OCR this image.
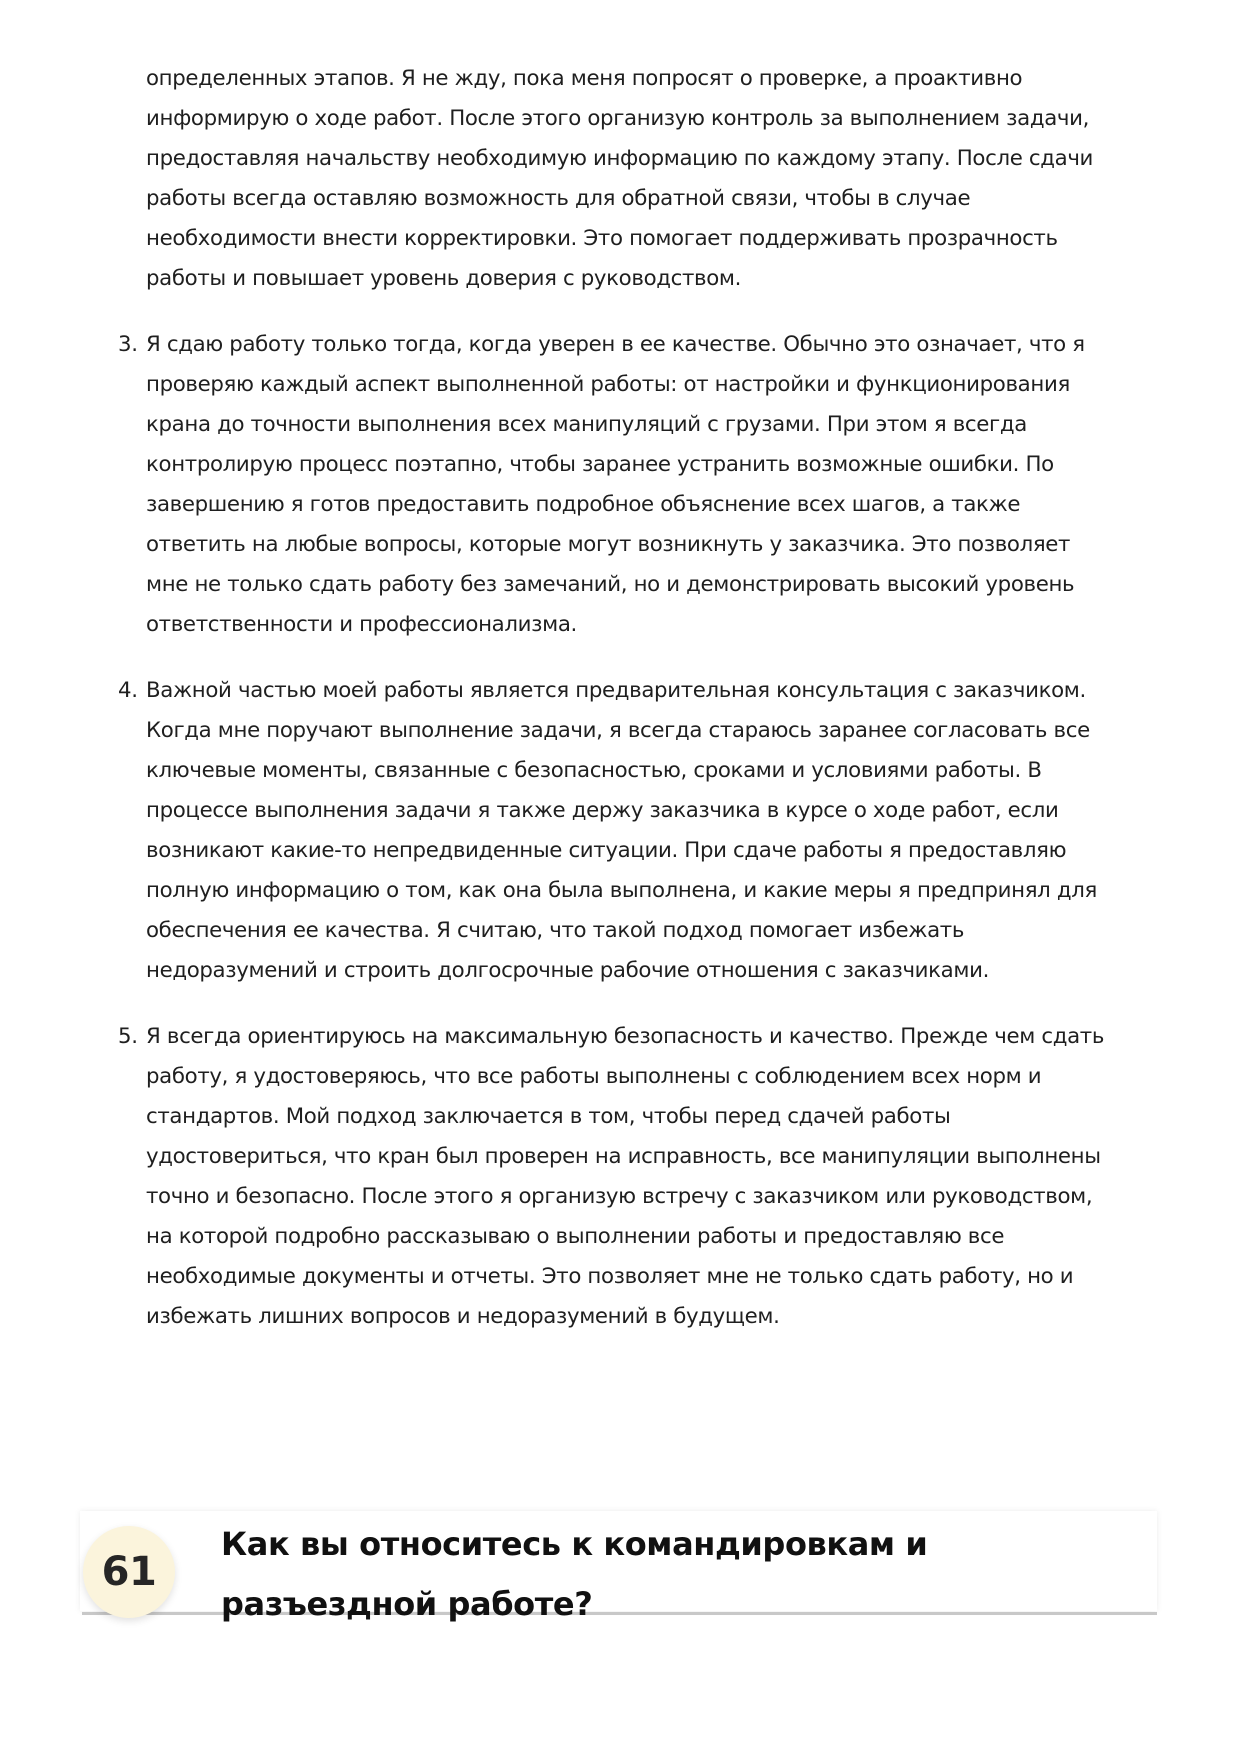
определенных этапов. Я не жду, пока меня попросят о проверке, а проактивно
информирую о ходе работ. После этого организую контроль за выполнением задачи,
предоставляя начальству необходимую информацию по каждому этапу. После сдачи
работы всегда оставляю возможность для обратной связи, чтобы в случае
необходимости внести корректировки. Это помогает поддерживать прозрачность
работы и повышает уровень доверия с руководством.
3. Я сдаю работу только тогда, когда уверен в ее качестве. Обычно это означает, что я
проверяю каждый аспект выполненной работы: от настройки и функционирования
крана до точности выполнения всех манипуляций с грузами. При этом я всегда
контролирую процесс поэтапно, чтобы заранее устранить возможные ошибки. По
завершению я готов предоставить подробное объяснение всех шагов, а также
ответить на любые вопросы, которые могут возникнуть у заказчика. Это позволяет
мне не только сдать работу без замечаний, но и демонстрировать высокий уровень
ответственности и профессионализма.
4. Важной частью моей работы является предварительная консультация с заказчиком.
Когда мне поручают выполнение задачи, я всегда стараюсь заранее согласовать все
ключевые моменты, связанные с безопасностью, сроками и условиями работы. В
процессе выполнения задачи я также держу заказчика в курсе о ходе работ, если
возникают какие-то непредвиденные ситуации. При сдаче работы я предоставляю
полную информацию о том, как она была выполнена, и какие меры я предпринял для
обеспечения ее качества. Я считаю, что такой подход помогает избежать
недоразумений и строить долгосрочные рабочие отношения с заказчиками.
5. Я всегда ориентируюсь на максимальную безопасность и качество. Прежде чем сдать
работу, я удостоверяюсь, что все работы выполнены с соблюдением всех норм и
стандартов. Мой подход заключается в том, чтобы перед сдачей работы
удостовериться, что кран был проверен на исправность, все манипуляции выполнены
точно и безопасно. После этого я организую встречу с заказчиком или руководством,
на которой подробно рассказываю о выполнении работы и предоставляю все
необходимые документы и отчеты. Это позволяет мне не только сдать работу, но и
избежать лишних вопросов и недоразумений в будущем.
61
Как вы относитесь к командировкам и
разъездной работе?
